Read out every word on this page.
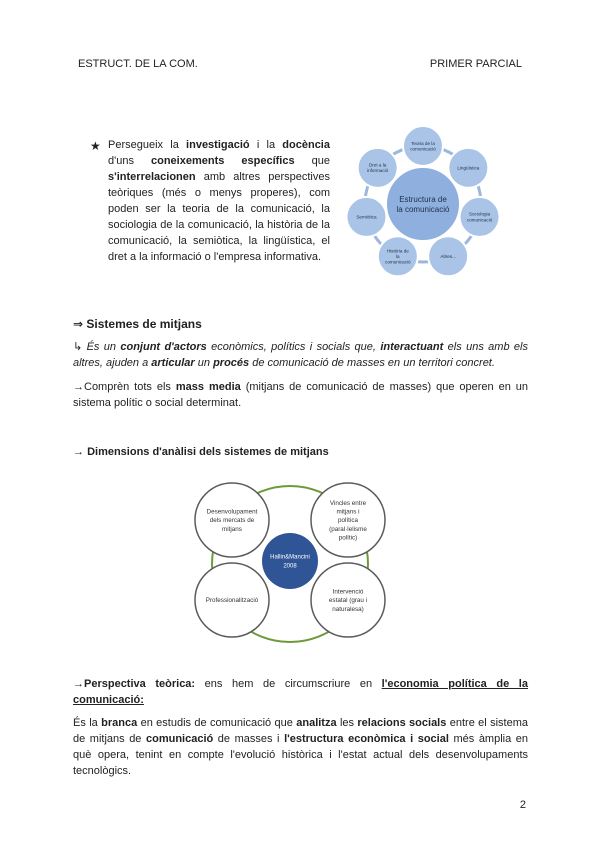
ESTRUCT. DE LA COM.	PRIMER PARCIAL
★ Persegueix la investigació i la docència d'uns coneixements específics que s'interrelacionen amb altres perspectives teòriques (més o menys properes), com poden ser la teoria de la comunicació, la sociologia de la comunicació, la història de la comunicació, la semiòtica, la lingüística, el dret a la informació o l'empresa informativa.
Estructura de
la comunicació
Teoria de la
comunicació
Lingüística
Sociologia
comunicació
Altres...
Història de
la
comunicació
Semiòtica
Dret a la
informació
⇒ Sistemes de mitjans
↳ És un conjunt d'actors econòmics, polítics i socials que, interactuant els uns amb els altres, ajuden a articular un procés de comunicació de masses en un territori concret.
→Comprèn tots els mass media (mitjans de comunicació de masses) que operen en un sistema polític o social determinat.
→ Dimensions d'anàlisi dels sistemes de mitjans
Desenvolupament
dels mercats de
mitjans
Vincles entre
mitjans i
política
(paral·lelisme
polític)
Professionalització
Intervenció
estatal (grau i
naturalesa)
Hallin&Mancini
2008
→Perspectiva teòrica: ens hem de circumscriure en l'economia política de la comunicació:
És la branca en estudis de comunicació que analitza les relacions socials entre el sistema de mitjans de comunicació de masses i l'estructura econòmica i social més àmplia en què opera, tenint en compte l'evolució històrica i l'estat actual dels desenvolupaments tecnològics.
2
